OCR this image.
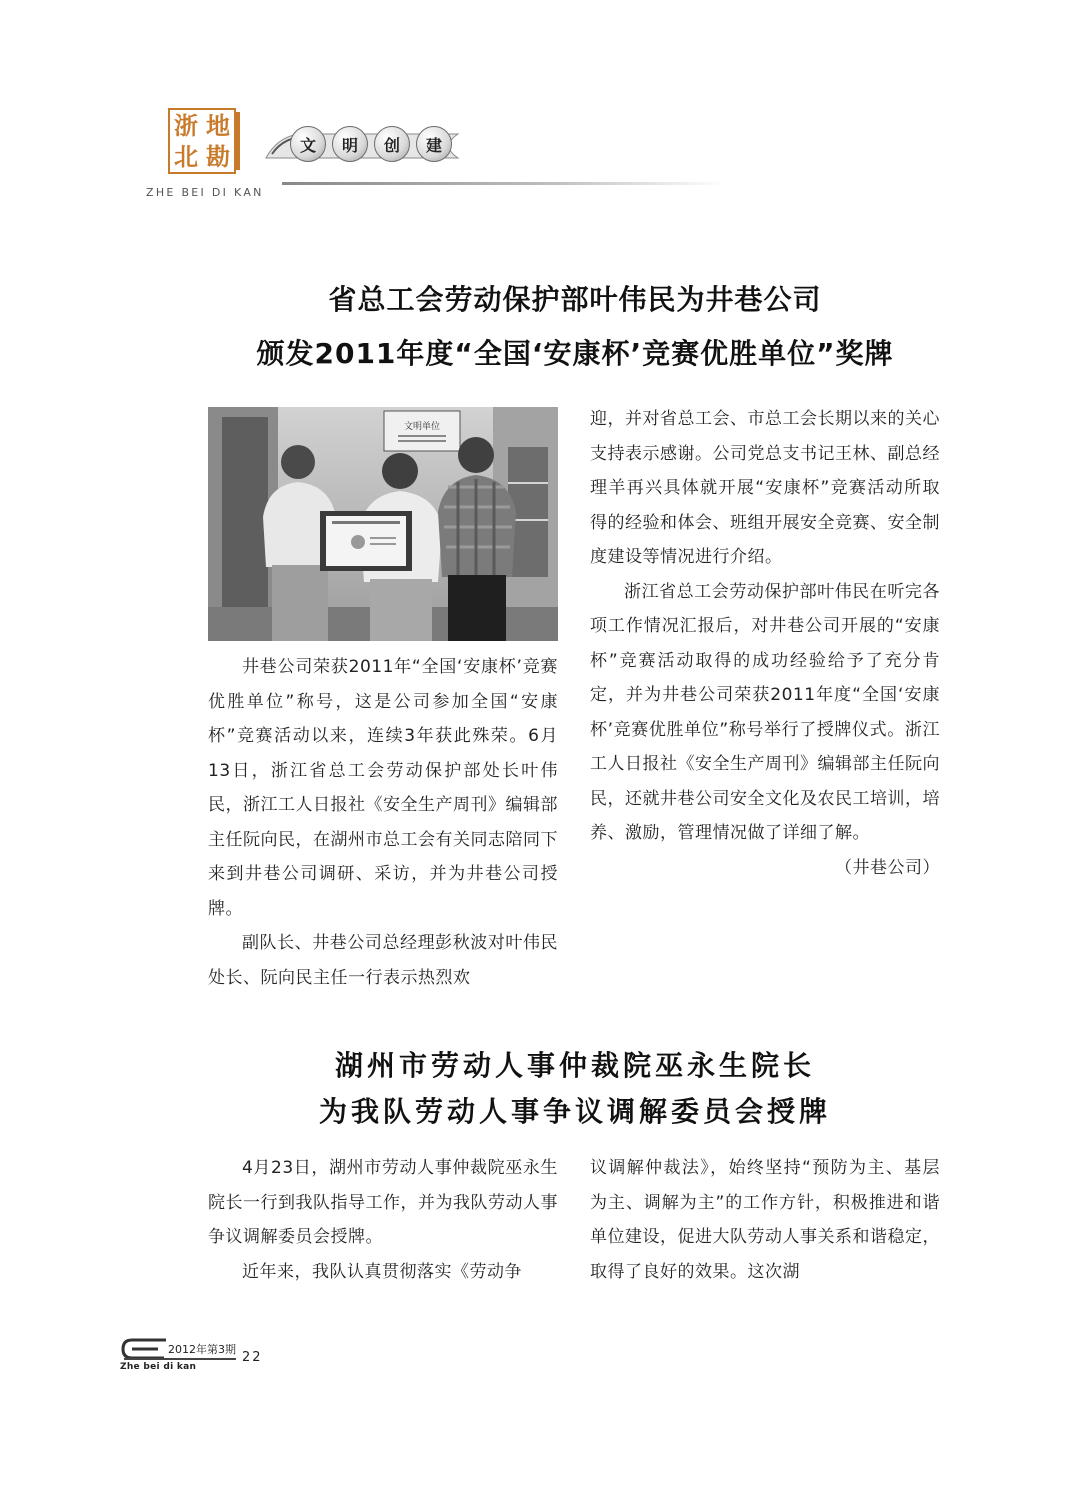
浙 地
北 勘
ZHE BEI DI KAN
文	明	创	建
省总工会劳动保护部叶伟民为井巷公司
颁发2011年度“全国‘安康杯’竞赛优胜单位”奖牌
文明单位

井巷公司荣获2011年“全国‘安康杯’竞赛优胜单位”称号，这是公司参加全国“安康杯”竞赛活动以来，连续3年获此殊荣。6月13日，浙江省总工会劳动保护部处长叶伟民，浙江工人日报社《安全生产周刊》编辑部主任阮向民，在湖州市总工会有关同志陪同下来到井巷公司调研、采访，并为井巷公司授牌。

副队长、井巷公司总经理彭秋波对叶伟民处长、阮向民主任一行表示热烈欢

迎，并对省总工会、市总工会长期以来的关心支持表示感谢。公司党总支书记王林、副总经理羊再兴具体就开展“安康杯”竞赛活动所取得的经验和体会、班组开展安全竞赛、安全制度建设等情况进行介绍。

浙江省总工会劳动保护部叶伟民在听完各项工作情况汇报后，对井巷公司开展的“安康杯”竞赛活动取得的成功经验给予了充分肯定，并为井巷公司荣获2011年度“全国‘安康杯’竞赛优胜单位”称号举行了授牌仪式。浙江工人日报社《安全生产周刊》编辑部主任阮向民，还就井巷公司安全文化及农民工培训，培养、激励，管理情况做了详细了解。

（井巷公司）

湖州市劳动人事仲裁院巫永生院长
为我队劳动人事争议调解委员会授牌

4月23日，湖州市劳动人事仲裁院巫永生院长一行到我队指导工作，并为我队劳动人事争议调解委员会授牌。

近年来，我队认真贯彻落实《劳动争

议调解仲裁法》，始终坚持“预防为主、基层为主、调解为主”的工作方针，积极推进和谐单位建设，促进大队劳动人事关系和谐稳定，取得了良好的效果。这次湖

2012年第3期
Zhe bei di kan
22
